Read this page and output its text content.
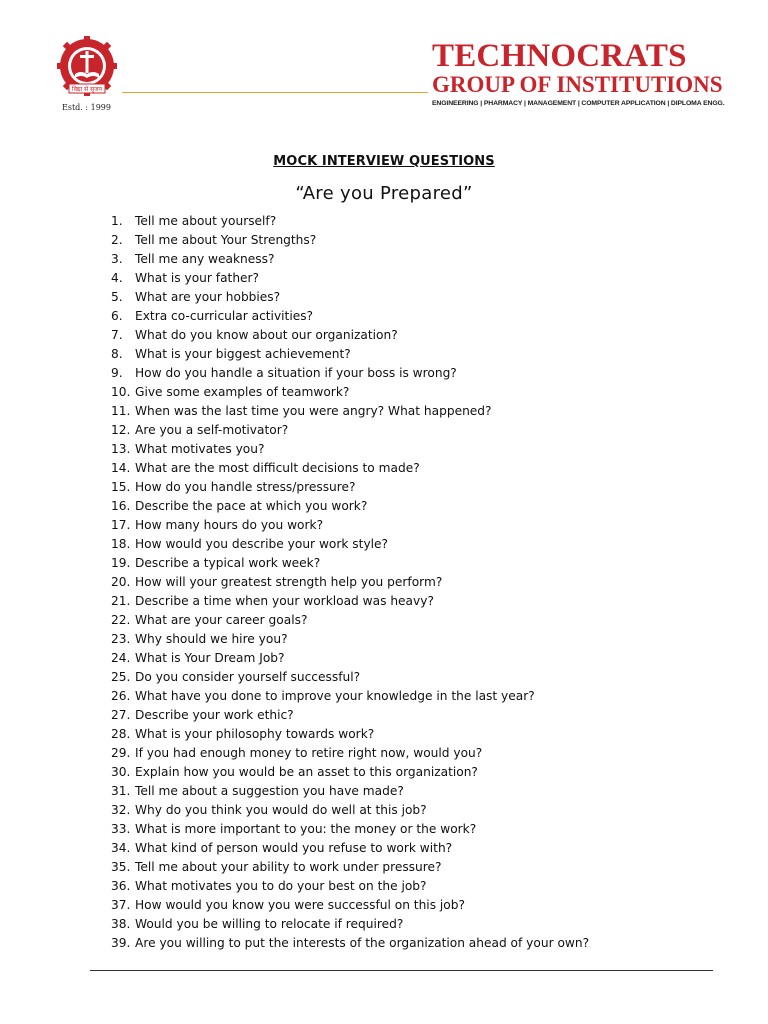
विद्या से सृजन
Estd. : 1999
TECHNOCRATS
GROUP OF INSTITUTIONS
ENGINEERING | PHARMACY | MANAGEMENT | COMPUTER APPLICATION | DIPLOMA ENGG.
MOCK INTERVIEW QUESTIONS
“Are you Prepared”
1.	Tell me about yourself?
2.	Tell me about Your Strengths?
3.	Tell me any weakness?
4.	What is your father?
5.	What are your hobbies?
6.	Extra co-curricular activities?
7.	What do you know about our organization?
8.	What is your biggest achievement?
9.	How do you handle a situation if your boss is wrong?
10. Give some examples of teamwork?
11. When was the last time you were angry? What happened?
12. Are you a self-motivator?
13. What motivates you?
14. What are the most difficult decisions to made?
15. How do you handle stress/pressure?
16. Describe the pace at which you work?
17. How many hours do you work?
18. How would you describe your work style?
19. Describe a typical work week?
20. How will your greatest strength help you perform?
21. Describe a time when your workload was heavy?
22. What are your career goals?
23. Why should we hire you?
24. What is Your Dream Job?
25. Do you consider yourself successful?
26. What have you done to improve your knowledge in the last year?
27. Describe your work ethic?
28. What is your philosophy towards work?
29. If you had enough money to retire right now, would you?
30. Explain how you would be an asset to this organization?
31. Tell me about a suggestion you have made?
32. Why do you think you would do well at this job?
33. What is more important to you: the money or the work?
34. What kind of person would you refuse to work with?
35. Tell me about your ability to work under pressure?
36. What motivates you to do your best on the job?
37. How would you know you were successful on this job?
38. Would you be willing to relocate if required?
39. Are you willing to put the interests of the organization ahead of your own?
